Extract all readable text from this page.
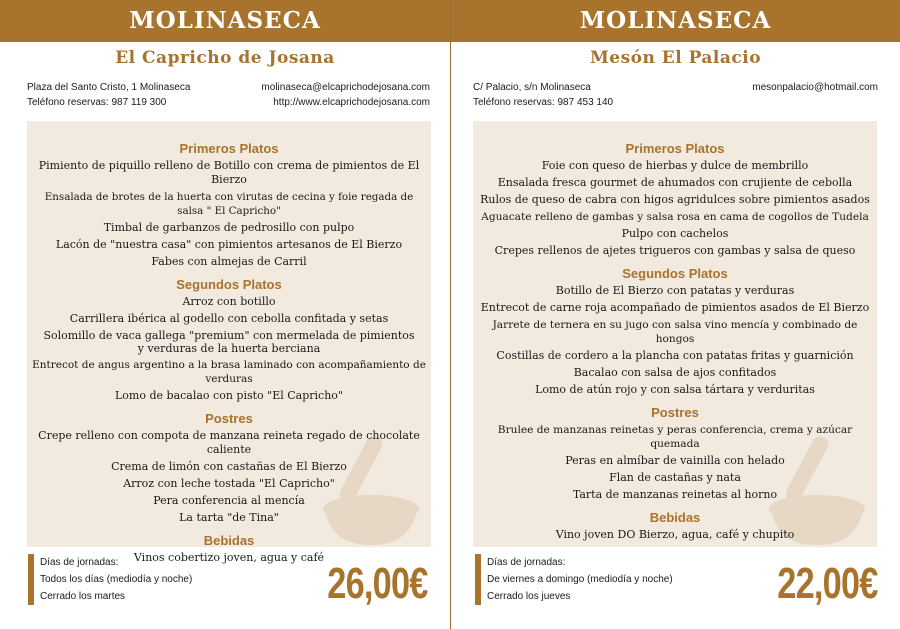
MOLINASECA
El Capricho de Josana
Plaza del Santo Cristo, 1 Molinaseca
Teléfono reservas: 987 119 300
molinaseca@elcaprichodejosana.com
http://www.elcaprichodejosana.com
Primeros Platos
Pimiento de piquillo relleno de Botillo con crema de pimientos de El Bierzo
Ensalada de brotes de la huerta con virutas de cecina y foie regada de salsa " El Capricho"
Timbal de garbanzos de pedrosillo con pulpo
Lacón de "nuestra casa" con pimientos artesanos de El Bierzo
Fabes con almejas de Carril
Segundos Platos
Arroz con botillo
Carrillera ibérica al godello con cebolla confitada y setas
Solomillo de vaca gallega "premium" con mermelada de pimientos
y verduras de la huerta berciana
Entrecot de angus argentino a la brasa laminado con acompañamiento de verduras
Lomo de bacalao con pisto "El Capricho"
Postres
Crepe relleno con compota de manzana reineta regado de chocolate caliente
Crema de limón con castañas de El Bierzo
Arroz con leche tostada "El Capricho"
Pera conferencia al mencía
La tarta "de Tina"
Bebidas
Vinos cobertizo joven, agua y café
Días de jornadas:
Todos los días (mediodía y noche)
Cerrado los martes	26,00€
MOLINASECA
Mesón El Palacio
C/ Palacio, s/n Molinaseca
Teléfono reservas: 987 453 140
mesonpalacio@hotmail.com
Primeros Platos
Foie con queso de hierbas y dulce de membrillo
Ensalada fresca gourmet de ahumados con crujiente de cebolla
Rulos de queso de cabra con higos agridulces sobre pimientos asados
Aguacate relleno de gambas y salsa rosa en cama de cogollos de Tudela
Pulpo con cachelos
Crepes rellenos de ajetes trigueros con gambas y salsa de queso
Segundos Platos
Botillo de El Bierzo con patatas y verduras
Entrecot de carne roja acompañado de pimientos asados de El Bierzo
Jarrete de ternera en su jugo con salsa vino mencía y combinado de hongos
Costillas de cordero a la plancha con patatas fritas y guarnición
Bacalao con salsa de ajos confitados
Lomo de atún rojo y con salsa tártara y verduritas
Postres
Brulee de manzanas reinetas y peras conferencia, crema y azúcar quemada
Peras en almíbar de vainilla con helado
Flan de castañas y nata
Tarta de manzanas reinetas al horno
Bebidas
Vino joven DO Bierzo, agua, café y chupito
Días de jornadas:
De viernes a domingo (mediodía y noche)
Cerrado los jueves	22,00€
